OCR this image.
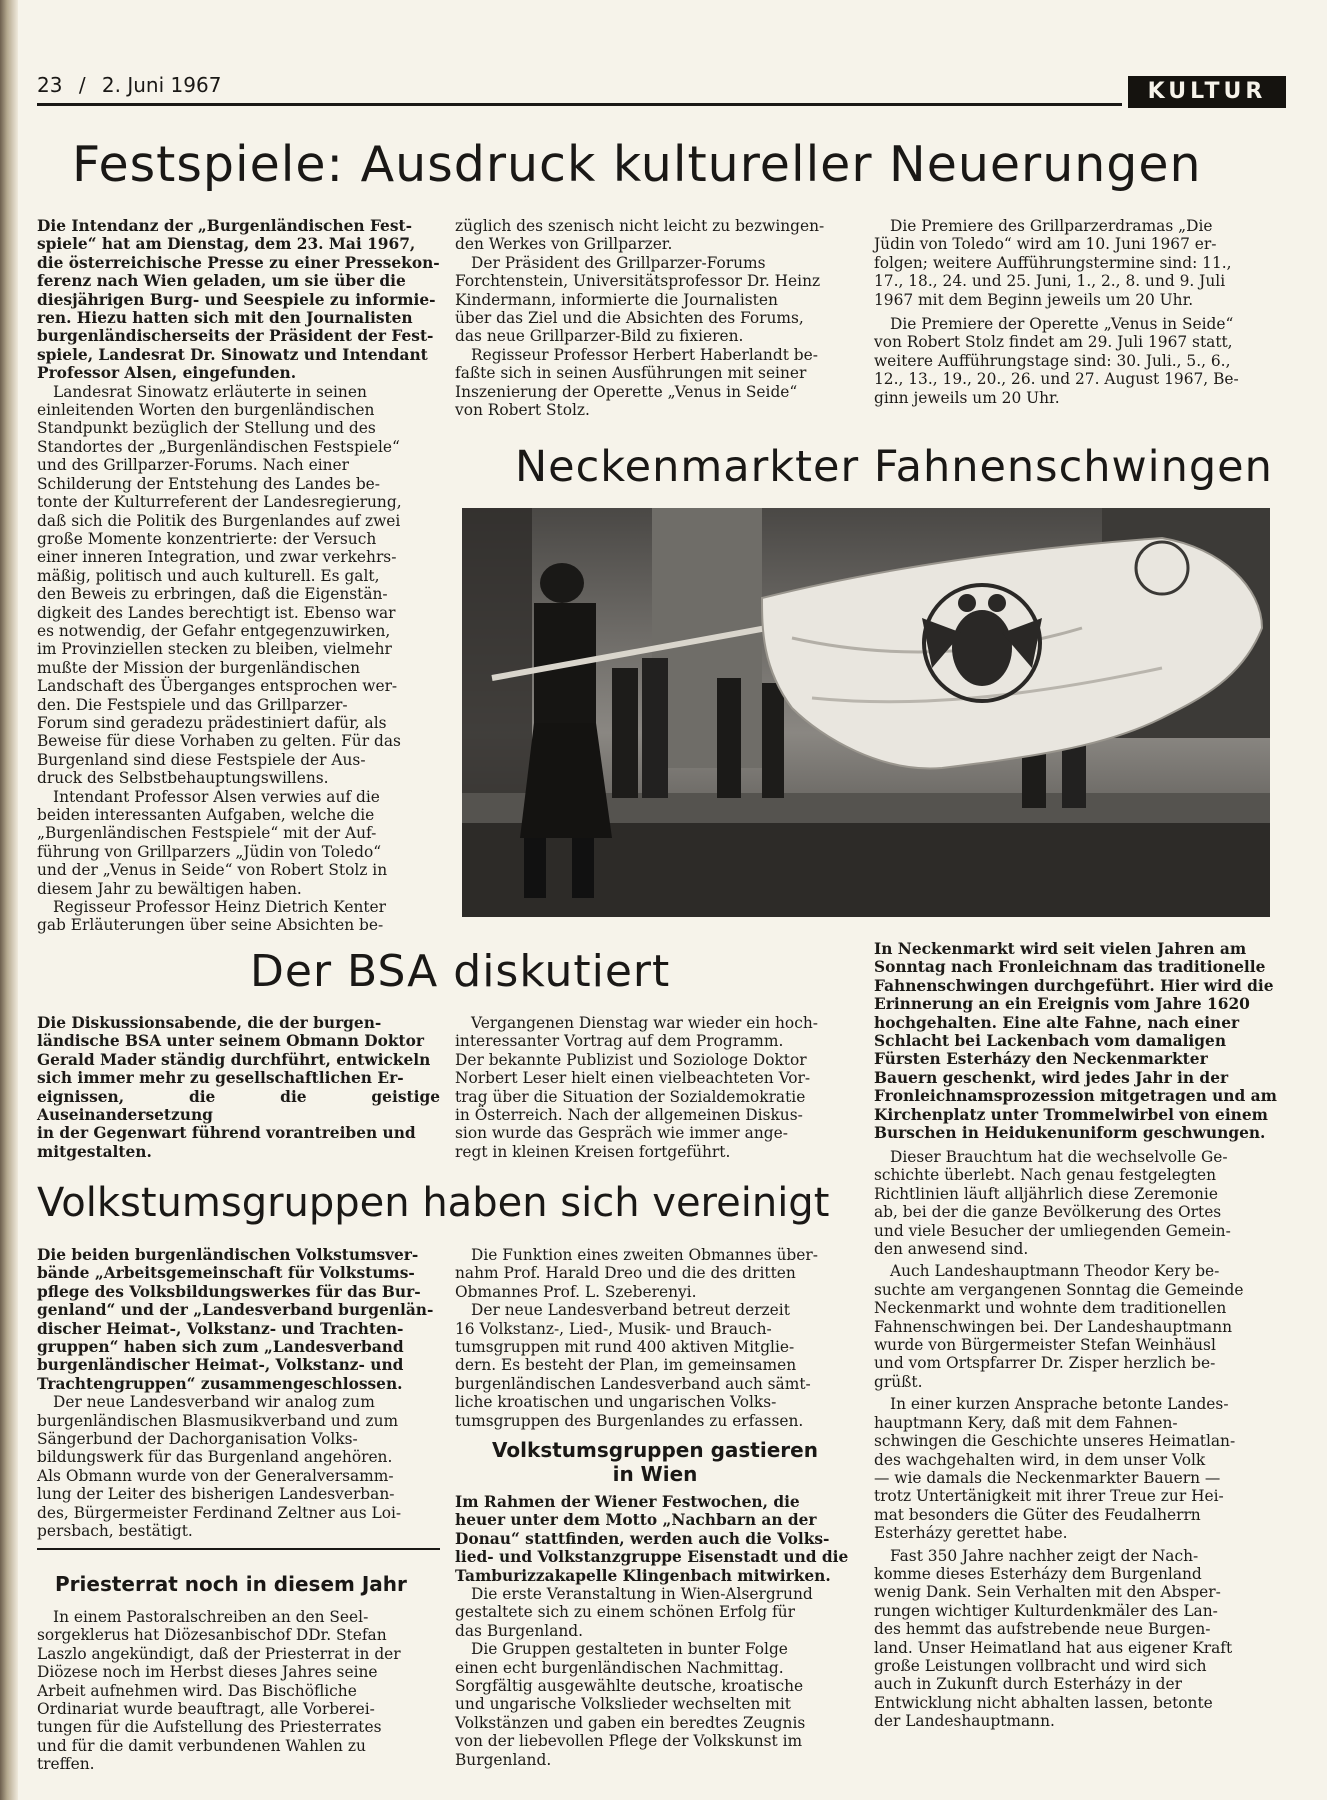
23 / 2. Juni 1967	KULTUR
Festspiele: Ausdruck kultureller Neuerungen
Die Intendanz der „Burgenländischen Fest-
spiele“ hat am Dienstag, dem 23. Mai 1967,
die österreichische Presse zu einer Pressekon-
ferenz nach Wien geladen, um sie über die
diesjährigen Burg- und Seespiele zu informie-
ren. Hiezu hatten sich mit den Journalisten
burgenländischerseits der Präsident der Fest-
spiele, Landesrat Dr. Sinowatz und Intendant
Professor Alsen, eingefunden.
Landesrat Sinowatz erläuterte in seinen
einleitenden Worten den burgenländischen
Standpunkt bezüglich der Stellung und des
Standortes der „Burgenländischen Festspiele“
und des Grillparzer-Forums. Nach einer
Schilderung der Entstehung des Landes be-
tonte der Kulturreferent der Landesregierung,
daß sich die Politik des Burgenlandes auf zwei
große Momente konzentrierte: der Versuch
einer inneren Integration, und zwar verkehrs-
mäßig, politisch und auch kulturell. Es galt,
den Beweis zu erbringen, daß die Eigenstän-
digkeit des Landes berechtigt ist. Ebenso war
es notwendig, der Gefahr entgegenzuwirken,
im Provinziellen stecken zu bleiben, vielmehr
mußte der Mission der burgenländischen
Landschaft des Überganges entsprochen wer-
den. Die Festspiele und das Grillparzer-
Forum sind geradezu prädestiniert dafür, als
Beweise für diese Vorhaben zu gelten. Für das
Burgenland sind diese Festspiele der Aus-
druck des Selbstbehauptungswillens.
Intendant Professor Alsen verwies auf die
beiden interessanten Aufgaben, welche die
„Burgenländischen Festspiele“ mit der Auf-
führung von Grillparzers „Jüdin von Toledo“
und der „Venus in Seide“ von Robert Stolz in
diesem Jahr zu bewältigen haben.
Regisseur Professor Heinz Dietrich Kenter
gab Erläuterungen über seine Absichten be-
züglich des szenisch nicht leicht zu bezwingen-
den Werkes von Grillparzer.
Der Präsident des Grillparzer-Forums
Forchtenstein, Universitätsprofessor Dr. Heinz
Kindermann, informierte die Journalisten
über das Ziel und die Absichten des Forums,
das neue Grillparzer-Bild zu fixieren.
Regisseur Professor Herbert Haberlandt be-
faßte sich in seinen Ausführungen mit seiner
Inszenierung der Operette „Venus in Seide“
von Robert Stolz.
Die Premiere des Grillparzerdramas „Die
Jüdin von Toledo“ wird am 10. Juni 1967 er-
folgen; weitere Aufführungstermine sind: 11.,
17., 18., 24. und 25. Juni, 1., 2., 8. und 9. Juli
1967 mit dem Beginn jeweils um 20 Uhr.
Die Premiere der Operette „Venus in Seide“
von Robert Stolz findet am 29. Juli 1967 statt,
weitere Aufführungstage sind: 30. Juli., 5., 6.,
12., 13., 19., 20., 26. und 27. August 1967, Be-
ginn jeweils um 20 Uhr.
Neckenmarkter Fahnenschwingen
In Neckenmarkt wird seit vielen Jahren am
Sonntag nach Fronleichnam das traditionelle
Fahnenschwingen durchgeführt. Hier wird die
Erinnerung an ein Ereignis vom Jahre 1620
hochgehalten. Eine alte Fahne, nach einer
Schlacht bei Lackenbach vom damaligen
Fürsten Esterházy den Neckenmarkter
Bauern geschenkt, wird jedes Jahr in der
Fronleichnamsprozession mitgetragen und am
Kirchenplatz unter Trommelwirbel von einem
Burschen in Heidukenuniform geschwungen.
Dieser Brauchtum hat die wechselvolle Ge-
schichte überlebt. Nach genau festgelegten
Richtlinien läuft alljährlich diese Zeremonie
ab, bei der die ganze Bevölkerung des Ortes
und viele Besucher der umliegenden Gemein-
den anwesend sind.
Auch Landeshauptmann Theodor Kery be-
suchte am vergangenen Sonntag die Gemeinde
Neckenmarkt und wohnte dem traditionellen
Fahnenschwingen bei. Der Landeshauptmann
wurde von Bürgermeister Stefan Weinhäusl
und vom Ortspfarrer Dr. Zisper herzlich be-
grüßt.
In einer kurzen Ansprache betonte Landes-
hauptmann Kery, daß mit dem Fahnen-
schwingen die Geschichte unseres Heimatlan-
des wachgehalten wird, in dem unser Volk
— wie damals die Neckenmarkter Bauern —
trotz Untertänigkeit mit ihrer Treue zur Hei-
mat besonders die Güter des Feudalherrn
Esterházy gerettet habe.
Fast 350 Jahre nachher zeigt der Nach-
komme dieses Esterházy dem Burgenland
wenig Dank. Sein Verhalten mit den Absper-
rungen wichtiger Kulturdenkmäler des Lan-
des hemmt das aufstrebende neue Burgen-
land. Unser Heimatland hat aus eigener Kraft
große Leistungen vollbracht und wird sich
auch in Zukunft durch Esterházy in der
Entwicklung nicht abhalten lassen, betonte
der Landeshauptmann.
Der BSA diskutiert
Die Diskussionsabende, die der burgen-
ländische BSA unter seinem Obmann Doktor
Gerald Mader ständig durchführt, entwickeln
sich immer mehr zu gesellschaftlichen Er-
eignissen, die die geistige Auseinandersetzung
in der Gegenwart führend vorantreiben und
mitgestalten.
Vergangenen Dienstag war wieder ein hoch-
interessanter Vortrag auf dem Programm.
Der bekannte Publizist und Soziologe Doktor
Norbert Leser hielt einen vielbeachteten Vor-
trag über die Situation der Sozialdemokratie
in Österreich. Nach der allgemeinen Diskus-
sion wurde das Gespräch wie immer ange-
regt in kleinen Kreisen fortgeführt.
Volkstumsgruppen haben sich vereinigt
Die beiden burgenländischen Volkstumsver-
bände „Arbeitsgemeinschaft für Volkstums-
pflege des Volksbildungswerkes für das Bur-
genland“ und der „Landesverband burgenlän-
discher Heimat-, Volkstanz- und Trachten-
gruppen“ haben sich zum „Landesverband
burgenländischer Heimat-, Volkstanz- und
Trachtengruppen“ zusammengeschlossen.
Der neue Landesverband wir analog zum
burgenländischen Blasmusikverband und zum
Sängerbund der Dachorganisation Volks-
bildungswerk für das Burgenland angehören.
Als Obmann wurde von der Generalversamm-
lung der Leiter des bisherigen Landesverban-
des, Bürgermeister Ferdinand Zeltner aus Loi-
persbach, bestätigt.
Die Funktion eines zweiten Obmannes über-
nahm Prof. Harald Dreo und die des dritten
Obmannes Prof. L. Szeberenyi.
Der neue Landesverband betreut derzeit
16 Volkstanz-, Lied-, Musik- und Brauch-
tumsgruppen mit rund 400 aktiven Mitglie-
dern. Es besteht der Plan, im gemeinsamen
burgenländischen Landesverband auch sämt-
liche kroatischen und ungarischen Volks-
tumsgruppen des Burgenlandes zu erfassen.
Volkstumsgruppen gastieren
in Wien
Im Rahmen der Wiener Festwochen, die
heuer unter dem Motto „Nachbarn an der
Donau“ stattfinden, werden auch die Volks-
lied- und Volkstanzgruppe Eisenstadt und die
Tamburizzakapelle Klingenbach mitwirken.
Die erste Veranstaltung in Wien-Alsergrund
gestaltete sich zu einem schönen Erfolg für
das Burgenland.
Die Gruppen gestalteten in bunter Folge
einen echt burgenländischen Nachmittag.
Sorgfältig ausgewählte deutsche, kroatische
und ungarische Volkslieder wechselten mit
Volkstänzen und gaben ein beredtes Zeugnis
von der liebevollen Pflege der Volkskunst im
Burgenland.
Priesterrat noch in diesem Jahr
In einem Pastoralschreiben an den Seel-
sorgeklerus hat Diözesanbischof DDr. Stefan
Laszlo angekündigt, daß der Priesterrat in der
Diözese noch im Herbst dieses Jahres seine
Arbeit aufnehmen wird. Das Bischöfliche
Ordinariat wurde beauftragt, alle Vorberei-
tungen für die Aufstellung des Priesterrates
und für die damit verbundenen Wahlen zu
treffen.
